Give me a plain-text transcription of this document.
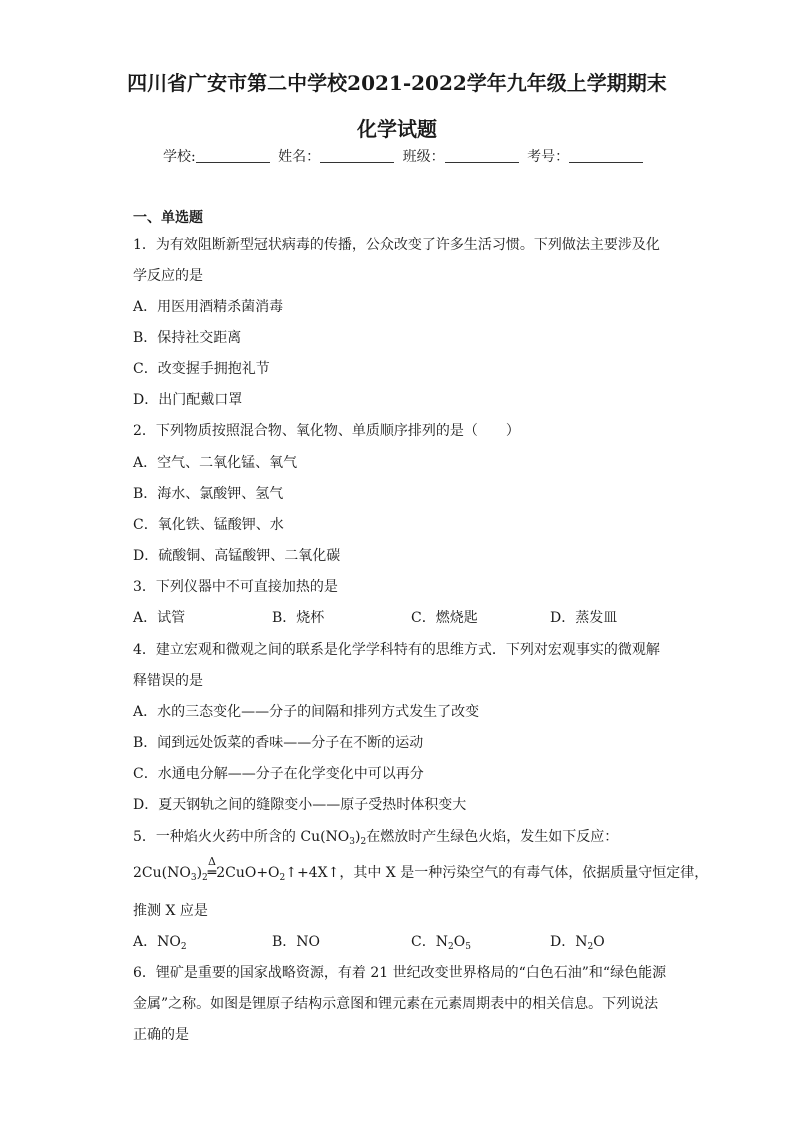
四川省广安市第二中学校2021-2022学年九年级上学期期末
化学试题
学校:	姓名：	班级：	考号：
一、单选题
1．为有效阻断新型冠状病毒的传播，公众改变了许多生活习惯。下列做法主要涉及化
学反应的是
A．用医用酒精杀菌消毒
B．保持社交距离
C．改变握手拥抱礼节
D．出门配戴口罩
2．下列物质按照混合物、氧化物、单质顺序排列的是（　　）
A．空气、二氧化锰、氧气
B．海水、氯酸钾、氢气
C．氧化铁、锰酸钾、水
D．硫酸铜、高锰酸钾、二氧化碳
3．下列仪器中不可直接加热的是
A．试管	B．烧杯	C．燃烧匙	D．蒸发皿
4．建立宏观和微观之间的联系是化学学科特有的思维方式．下列对宏观事实的微观解
释错误的是
A．水的三态变化——分子的间隔和排列方式发生了改变
B．闻到远处饭菜的香味——分子在不断的运动
C．水通电分解——分子在化学变化中可以再分
D．夏天钢轨之间的缝隙变小——原子受热时体积变大
5．一种焰火火药中所含的 $Cu(NO_3)_2$在燃放时产生绿色火焰，发生如下反应：
$2Cu(NO_3)_2$
Δ
$═2CuO+O_2↑+4X↑$，其中 X 是一种污染空气的有毒气体，依据质量守恒定律，
推测 X 应是
A．$NO_2$	B．NO	C．$N_2O_5$	D．$N_2O$
6．锂矿是重要的国家战略资源，有着 21 世纪改变世界格局的“白色石油”和“绿色能源
金属”之称。如图是锂原子结构示意图和锂元素在元素周期表中的相关信息。下列说法
正确的是
